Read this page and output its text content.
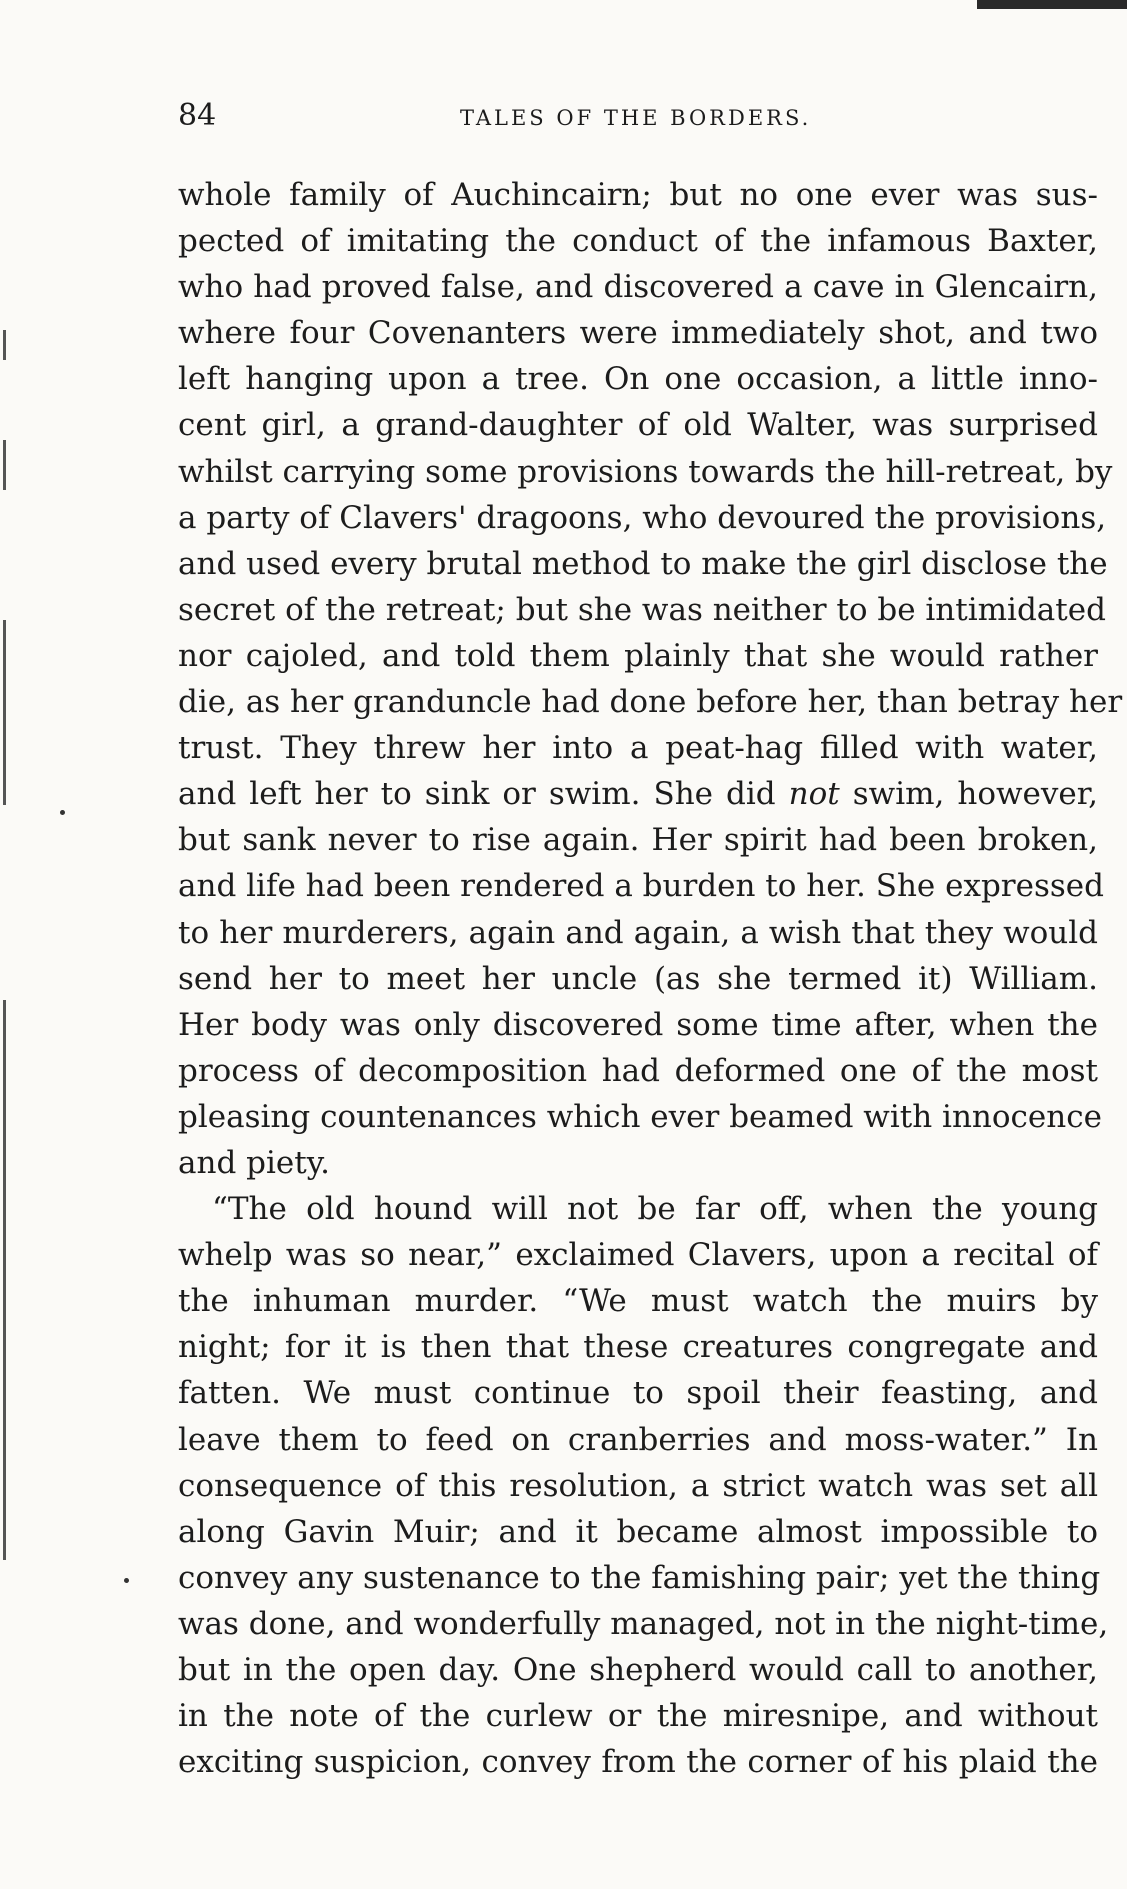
84	TALES OF THE BORDERS.
whole family of Auchincairn; but no one ever was sus-
pected of imitating the conduct of the infamous Baxter,
who had proved false, and discovered a cave in Glencairn,
where four Covenanters were immediately shot, and two
left hanging upon a tree. On one occasion, a little inno-
cent girl, a grand-daughter of old Walter, was surprised
whilst carrying some provisions towards the hill-retreat, by
a party of Clavers' dragoons, who devoured the provisions,
and used every brutal method to make the girl disclose the
secret of the retreat; but she was neither to be intimidated
nor cajoled, and told them plainly that she would rather
die, as her granduncle had done before her, than betray her
trust. They threw her into a peat-hag filled with water,
and left her to sink or swim. She did not swim, however,
but sank never to rise again. Her spirit had been broken,
and life had been rendered a burden to her. She expressed
to her murderers, again and again, a wish that they would
send her to meet her uncle (as she termed it) William.
Her body was only discovered some time after, when the
process of decomposition had deformed one of the most
pleasing countenances which ever beamed with innocence
and piety.
“The old hound will not be far off, when the young
whelp was so near,” exclaimed Clavers, upon a recital of
the inhuman murder. “We must watch the muirs by
night; for it is then that these creatures congregate and
fatten. We must continue to spoil their feasting, and
leave them to feed on cranberries and moss-water.” In
consequence of this resolution, a strict watch was set all
along Gavin Muir; and it became almost impossible to
convey any sustenance to the famishing pair; yet the thing
was done, and wonderfully managed, not in the night-time,
but in the open day. One shepherd would call to another,
in the note of the curlew or the miresnipe, and without
exciting suspicion, convey from the corner of his plaid the
